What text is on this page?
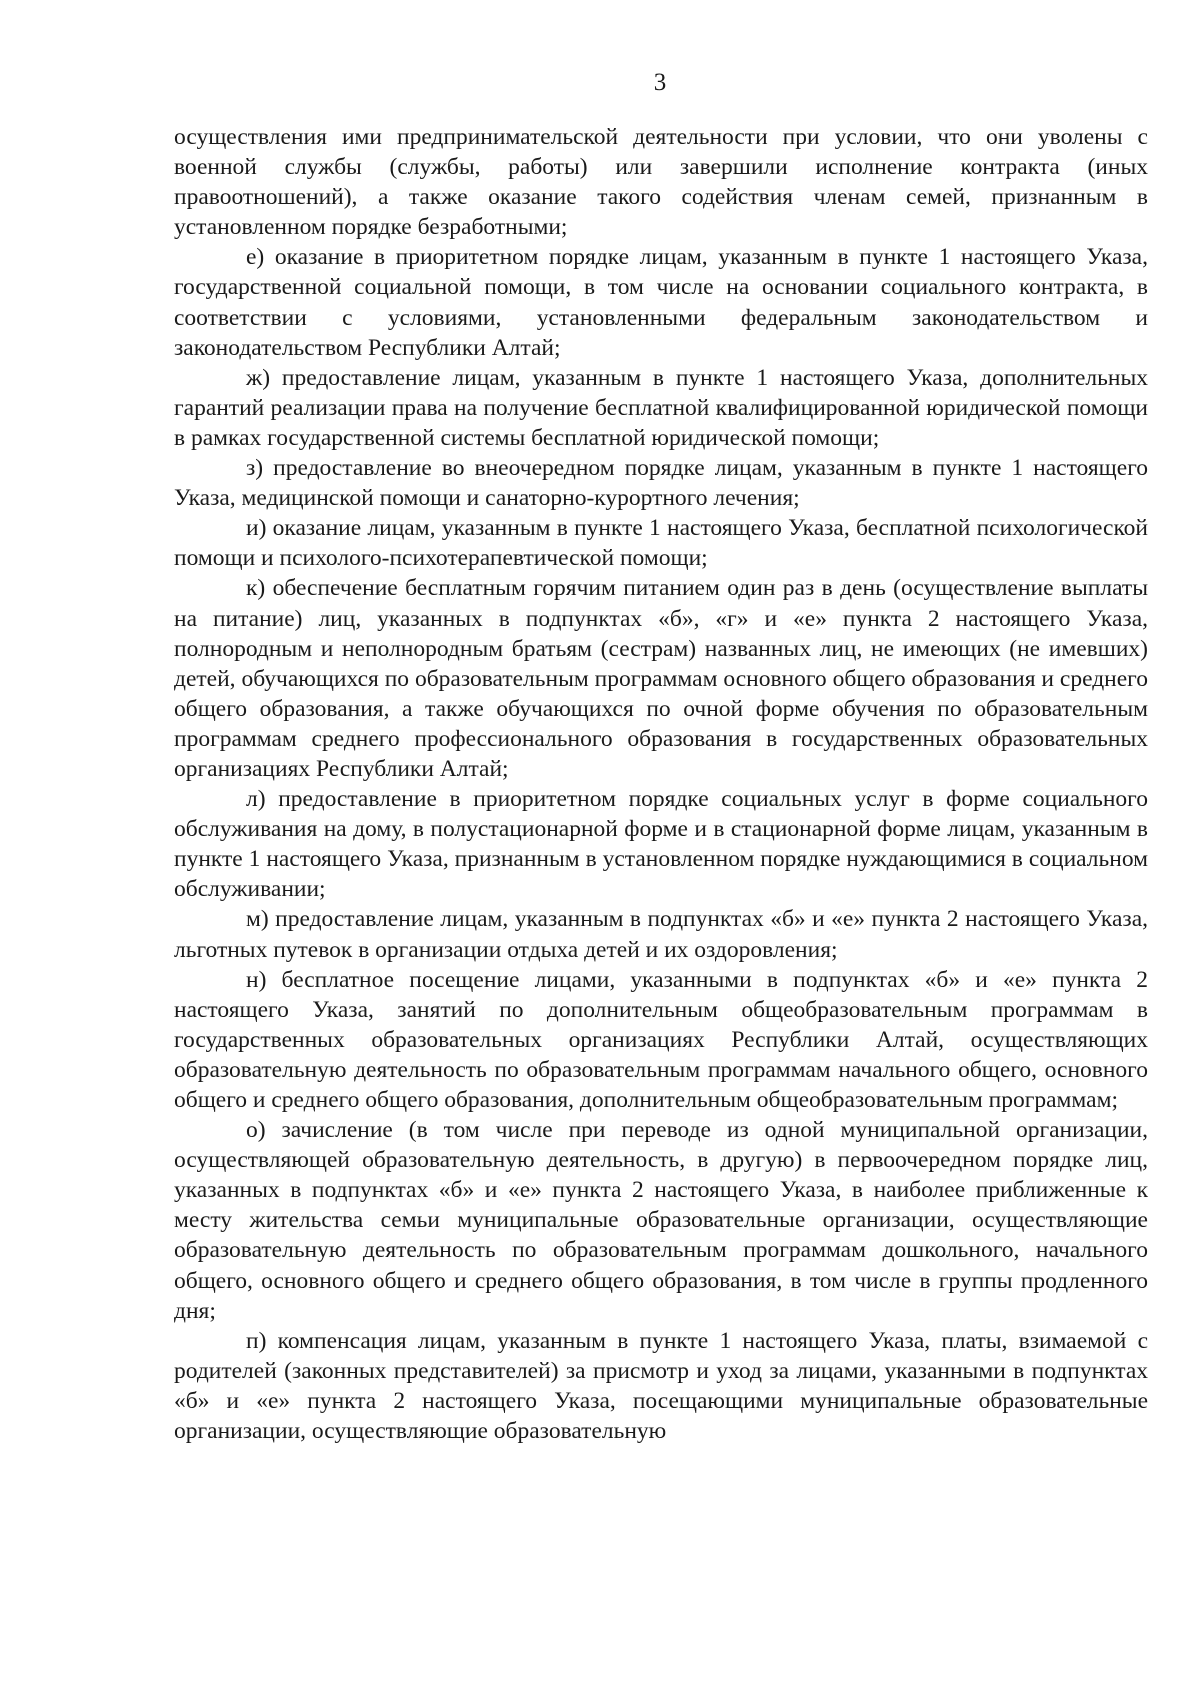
3

осуществления ими предпринимательской деятельности при условии, что они уволены с военной службы (службы, работы) или завершили исполнение контракта (иных правоотношений), а также оказание такого содействия членам семей, признанным в установленном порядке безработными;

е) оказание в приоритетном порядке лицам, указанным в пункте 1 настоящего Указа, государственной социальной помощи, в том числе на основании социального контракта, в соответствии с условиями, установленными федеральным законодательством и законодательством Республики Алтай;

ж) предоставление лицам, указанным в пункте 1 настоящего Указа, дополнительных гарантий реализации права на получение бесплатной квалифицированной юридической помощи в рамках государственной системы бесплатной юридической помощи;

з) предоставление во внеочередном порядке лицам, указанным в пункте 1 настоящего Указа, медицинской помощи и санаторно-курортного лечения;

и) оказание лицам, указанным в пункте 1 настоящего Указа, бесплатной психологической помощи и психолого-психотерапевтической помощи;

к) обеспечение бесплатным горячим питанием один раз в день (осуществление выплаты на питание) лиц, указанных в подпунктах «б», «г» и «е» пункта 2 настоящего Указа, полнородным и неполнородным братьям (сестрам) названных лиц, не имеющих (не имевших) детей, обучающихся по образовательным программам основного общего образования и среднего общего образования, а также обучающихся по очной форме обучения по образовательным программам среднего профессионального образования в государственных образовательных организациях Республики Алтай;

л) предоставление в приоритетном порядке социальных услуг в форме социального обслуживания на дому, в полустационарной форме и в стационарной форме лицам, указанным в пункте 1 настоящего Указа, признанным в установленном порядке нуждающимися в социальном обслуживании;

м) предоставление лицам, указанным в подпунктах «б» и «е» пункта 2 настоящего Указа, льготных путевок в организации отдыха детей и их оздоровления;

н) бесплатное посещение лицами, указанными в подпунктах «б» и «е» пункта 2 настоящего Указа, занятий по дополнительным общеобразовательным программам в государственных образовательных организациях Республики Алтай, осуществляющих образовательную деятельность по образовательным программам начального общего, основного общего и среднего общего образования, дополнительным общеобразовательным программам;

о) зачисление (в том числе при переводе из одной муниципальной организации, осуществляющей образовательную деятельность, в другую) в первоочередном порядке лиц, указанных в подпунктах «б» и «е» пункта 2 настоящего Указа, в наиболее приближенные к месту жительства семьи муниципальные образовательные организации, осуществляющие образовательную деятельность по образовательным программам дошкольного, начального общего, основного общего и среднего общего образования, в том числе в группы продленного дня;

п) компенсация лицам, указанным в пункте 1 настоящего Указа, платы, взимаемой с родителей (законных представителей) за присмотр и уход за лицами, указанными в подпунктах «б» и «е» пункта 2 настоящего Указа, посещающими муниципальные образовательные организации, осуществляющие образовательную
